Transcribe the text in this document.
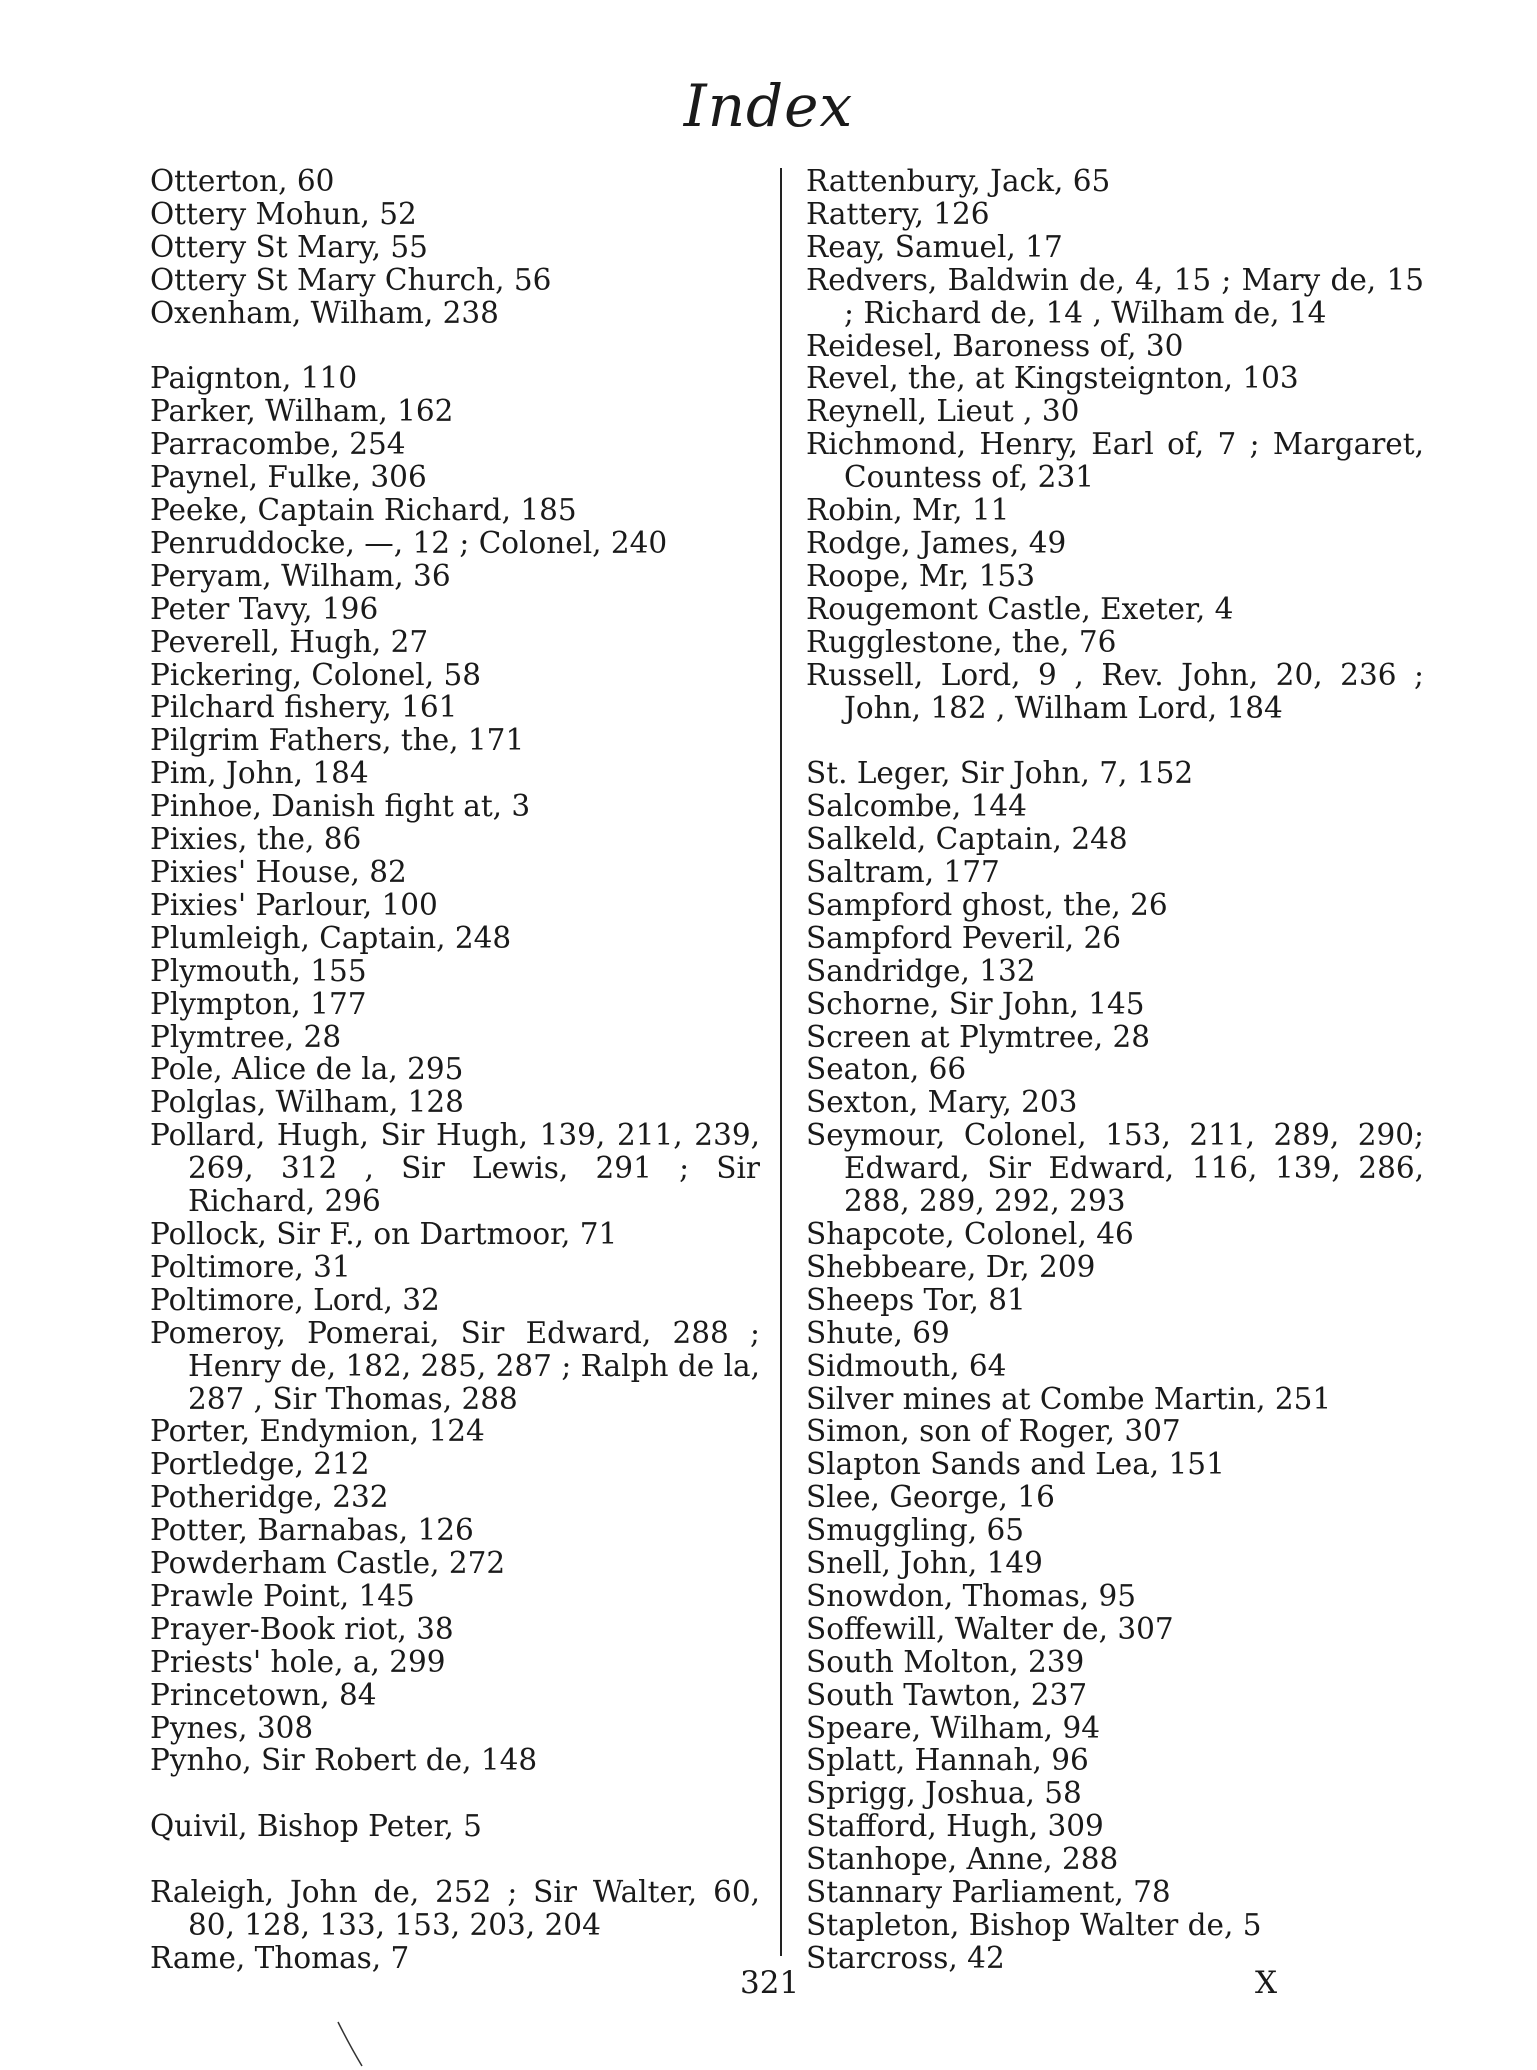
Index
Otterton, 60
Ottery Mohun, 52
Ottery St Mary, 55
Ottery St Mary Church, 56
Oxenham, Wilham, 238
Paignton, 110
Parker, Wilham, 162
Parracombe, 254
Paynel, Fulke, 306
Peeke, Captain Richard, 185
Penruddocke, —, 12 ; Colonel, 240
Peryam, Wilham, 36
Peter Tavy, 196
Peverell, Hugh, 27
Pickering, Colonel, 58
Pilchard fishery, 161
Pilgrim Fathers, the, 171
Pim, John, 184
Pinhoe, Danish fight at, 3
Pixies, the, 86
Pixies' House, 82
Pixies' Parlour, 100
Plumleigh, Captain, 248
Plymouth, 155
Plympton, 177
Plymtree, 28
Pole, Alice de la, 295
Polglas, Wilham, 128
Pollard, Hugh, Sir Hugh, 139, 211, 239, 269, 312 , Sir Lewis, 291 ; Sir Richard, 296
Pollock, Sir F., on Dartmoor, 71
Poltimore, 31
Poltimore, Lord, 32
Pomeroy, Pomerai, Sir Edward, 288 ; Henry de, 182, 285, 287 ; Ralph de la, 287 , Sir Thomas, 288
Porter, Endymion, 124
Portledge, 212
Potheridge, 232
Potter, Barnabas, 126
Powderham Castle, 272
Prawle Point, 145
Prayer-Book riot, 38
Priests' hole, a, 299
Princetown, 84
Pynes, 308
Pynho, Sir Robert de, 148
Quivil, Bishop Peter, 5
Raleigh, John de, 252 ; Sir Walter, 60, 80, 128, 133, 153, 203, 204
Rame, Thomas, 7
Rattenbury, Jack, 65
Rattery, 126
Reay, Samuel, 17
Redvers, Baldwin de, 4, 15 ; Mary de, 15 ; Richard de, 14 , Wilham de, 14
Reidesel, Baroness of, 30
Revel, the, at Kingsteignton, 103
Reynell, Lieut , 30
Richmond, Henry, Earl of, 7 ; Margaret, Countess of, 231
Robin, Mr, 11
Rodge, James, 49
Roope, Mr, 153
Rougemont Castle, Exeter, 4
Rugglestone, the, 76
Russell, Lord, 9 , Rev. John, 20, 236 ; John, 182 , Wilham Lord, 184
St. Leger, Sir John, 7, 152
Salcombe, 144
Salkeld, Captain, 248
Saltram, 177
Sampford ghost, the, 26
Sampford Peveril, 26
Sandridge, 132
Schorne, Sir John, 145
Screen at Plymtree, 28
Seaton, 66
Sexton, Mary, 203
Seymour, Colonel, 153, 211, 289, 290; Edward, Sir Edward, 116, 139, 286, 288, 289, 292, 293
Shapcote, Colonel, 46
Shebbeare, Dr, 209
Sheeps Tor, 81
Shute, 69
Sidmouth, 64
Silver mines at Combe Martin, 251
Simon, son of Roger, 307
Slapton Sands and Lea, 151
Slee, George, 16
Smuggling, 65
Snell, John, 149
Snowdon, Thomas, 95
Soffewill, Walter de, 307
South Molton, 239
South Tawton, 237
Speare, Wilham, 94
Splatt, Hannah, 96
Sprigg, Joshua, 58
Stafford, Hugh, 309
Stanhope, Anne, 288
Stannary Parliament, 78
Stapleton, Bishop Walter de, 5
Starcross, 42
321	X
